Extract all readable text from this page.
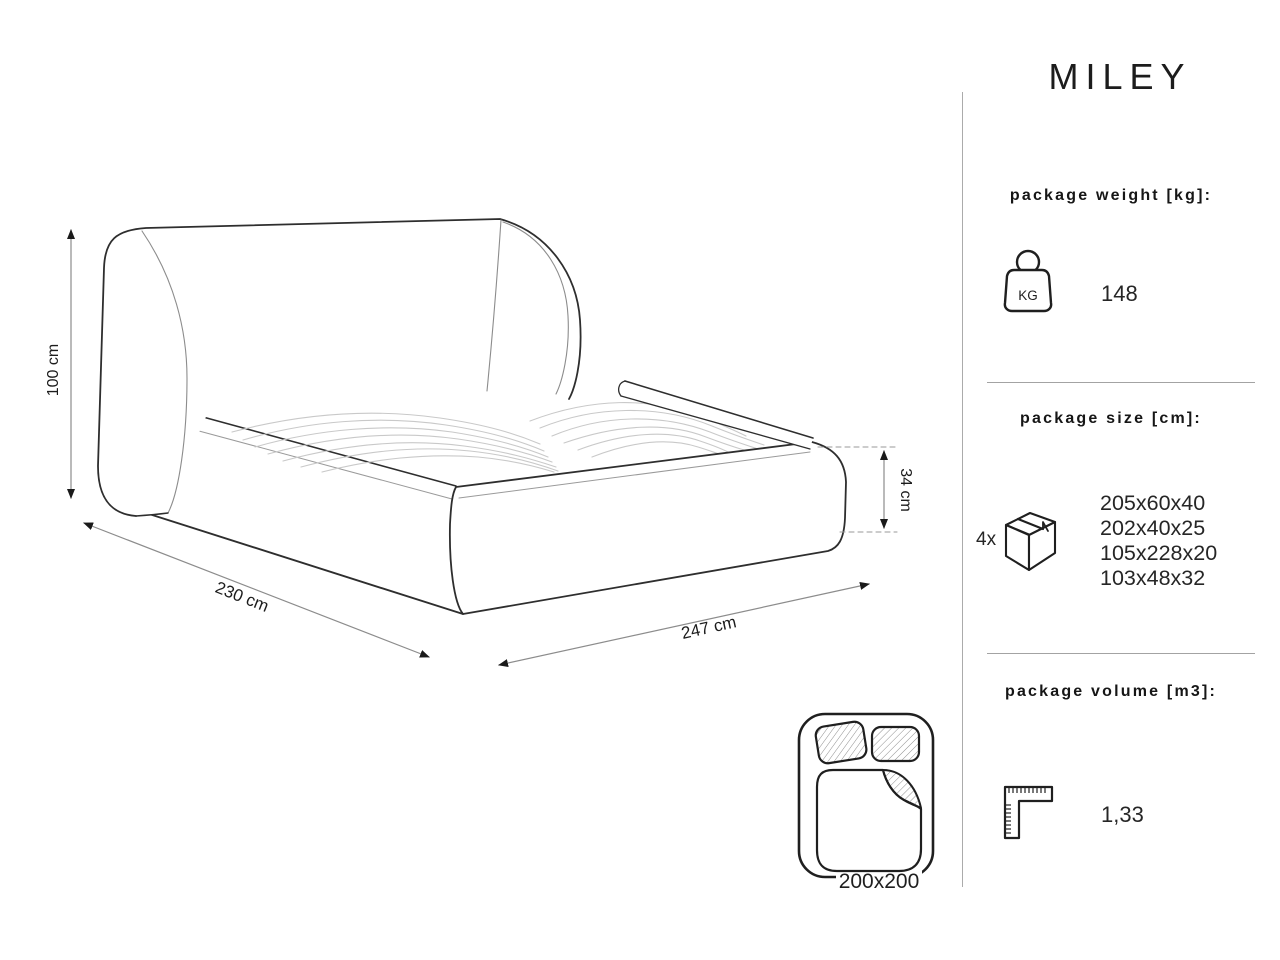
100 cm
230 cm
247 cm
34 cm
200x200
KG
MILEY
package weight [kg]:
148
package size [cm]:
4x
205x60x40
202x40x25
105x228x20
103x48x32
package volume [m3]:
1,33
